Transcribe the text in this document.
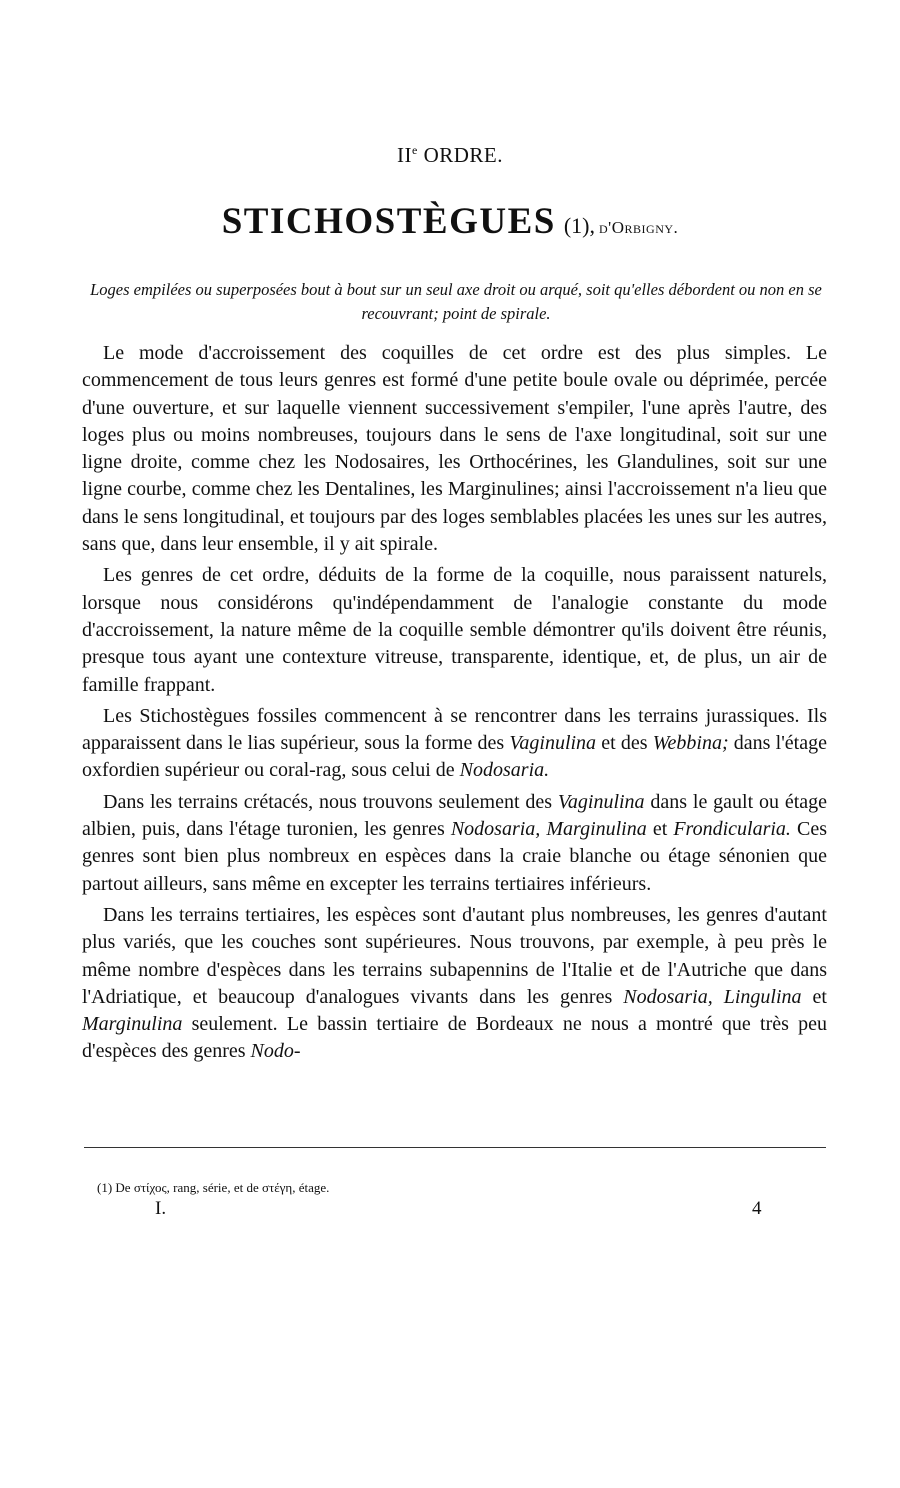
IIe ORDRE.
STICHOSTÈGUES (1), d'Orbigny.
Loges empilées ou superposées bout à bout sur un seul axe droit ou arqué, soit qu'elles débordent ou non en se recouvrant; point de spirale.

Le mode d'accroissement des coquilles de cet ordre est des plus simples. Le commencement de tous leurs genres est formé d'une petite boule ovale ou déprimée, percée d'une ouverture, et sur laquelle viennent successivement s'empiler, l'une après l'autre, des loges plus ou moins nombreuses, toujours dans le sens de l'axe longitudinal, soit sur une ligne droite, comme chez les Nodosaires, les Orthocérines, les Glandulines, soit sur une ligne courbe, comme chez les Dentalines, les Marginulines; ainsi l'accroissement n'a lieu que dans le sens longitudinal, et toujours par des loges semblables placées les unes sur les autres, sans que, dans leur ensemble, il y ait spirale.

Les genres de cet ordre, déduits de la forme de la coquille, nous paraissent naturels, lorsque nous considérons qu'indépendamment de l'analogie constante du mode d'accroissement, la nature même de la coquille semble démontrer qu'ils doivent être réunis, presque tous ayant une contexture vitreuse, transparente, identique, et, de plus, un air de famille frappant.

Les Stichostègues fossiles commencent à se rencontrer dans les terrains jurassiques. Ils apparaissent dans le lias supérieur, sous la forme des Vaginulina et des Webbina; dans l'étage oxfordien supérieur ou coral-rag, sous celui de Nodosaria.

Dans les terrains crétacés, nous trouvons seulement des Vaginulina dans le gault ou étage albien, puis, dans l'étage turonien, les genres Nodosaria, Marginulina et Frondicularia. Ces genres sont bien plus nombreux en espèces dans la craie blanche ou étage sénonien que partout ailleurs, sans même en excepter les terrains tertiaires inférieurs.

Dans les terrains tertiaires, les espèces sont d'autant plus nombreuses, les genres d'autant plus variés, que les couches sont supérieures. Nous trouvons, par exemple, à peu près le même nombre d'espèces dans les terrains subapennins de l'Italie et de l'Autriche que dans l'Adriatique, et beaucoup d'analogues vivants dans les genres Nodosaria, Lingulina et Marginulina seulement. Le bassin tertiaire de Bordeaux ne nous a montré que très peu d'espèces des genres Nodo-

(1) De στίχος, rang, série, et de στέγη, étage.
I.	4
